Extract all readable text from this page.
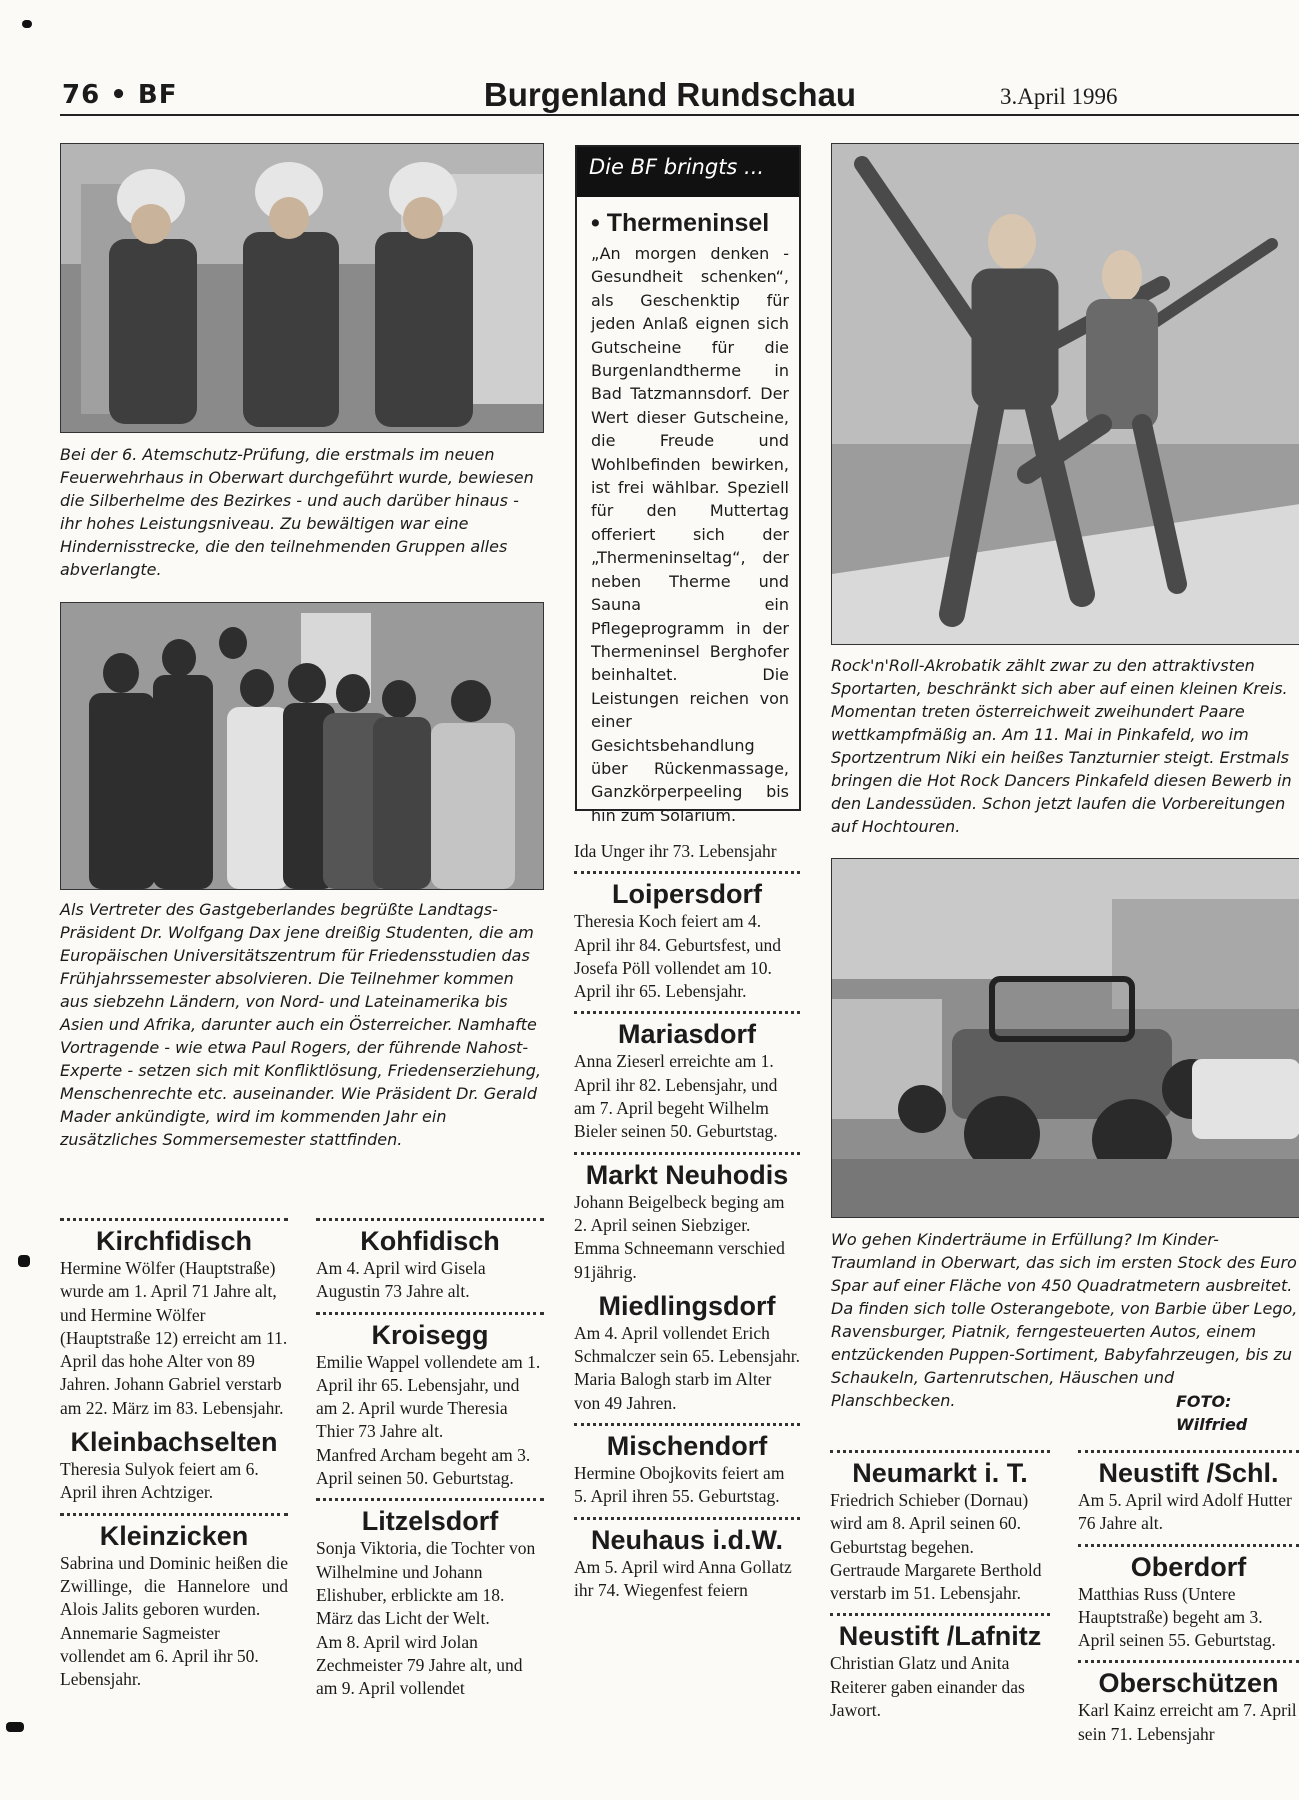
76 • BF	Burgenland Rundschau	3.April 1996
Bei der 6. Atemschutz-Prüfung, die erstmals im neuen Feuerwehrhaus in Oberwart durchgeführt wurde, bewiesen die Silberhelme des Bezirkes - und auch darüber hinaus - ihr hohes Leistungsniveau. Zu bewältigen war eine Hindernisstrecke, die den teilnehmenden Gruppen alles abverlangte.
Als Vertreter des Gastgeberlandes begrüßte Landtags-Präsident Dr. Wolfgang Dax jene dreißig Studenten, die am Europäischen Universitätszentrum für Friedensstudien das Frühjahrssemester absolvieren. Die Teilnehmer kommen aus siebzehn Ländern, von Nord- und Lateinamerika bis Asien und Afrika, darunter auch ein Österreicher. Namhafte Vortragende - wie etwa Paul Rogers, der führende Nahost-Experte - setzen sich mit Konfliktlösung, Friedenserziehung, Menschenrechte etc. auseinander. Wie Präsident Dr. Gerald Mader ankündigte, wird im kommenden Jahr ein zusätzliches Sommersemester stattfinden.
Kirchfidisch
Hermine Wölfer (Hauptstraße) wurde am 1. April 71 Jahre alt, und Hermine Wölfer (Hauptstraße 12) erreicht am 11. April das hohe Alter von 89 Jahren. Johann Gabriel verstarb am 22. März im 83. Lebensjahr.
Kleinbachselten
Theresia Sulyok feiert am 6. April ihren Achtziger.
Kleinzicken
Sabrina und Dominic heißen die Zwillinge, die Hannelore und Alois Jalits geboren wurden.
Annemarie Sagmeister vollendet am 6. April ihr 50. Lebensjahr.
Kohfidisch
Am 4. April wird Gisela Augustin 73 Jahre alt.
Kroisegg
Emilie Wappel vollendete am 1. April ihr 65. Lebensjahr, und am 2. April wurde Theresia Thier 73 Jahre alt.
Manfred Archam begeht am 3. April seinen 50. Geburtstag.
Litzelsdorf
Sonja Viktoria, die Tochter von Wilhelmine und Johann Elishuber, erblickte am 18. März das Licht der Welt.
Am 8. April wird Jolan Zechmeister 79 Jahre alt, und am 9. April vollendet
Die BF bringts ...
• Thermeninsel
„An morgen denken - Gesundheit schenken“, als Geschenktip für jeden Anlaß eignen sich Gutscheine für die Burgenlandtherme in Bad Tatzmannsdorf. Der Wert dieser Gutscheine, die Freude und Wohlbefinden bewirken, ist frei wählbar. Speziell für den Muttertag offeriert sich der „Thermeninseltag“, der neben Therme und Sauna ein Pflegeprogramm in der Thermeninsel Berghofer beinhaltet. Die Leistungen reichen von einer Gesichtsbehandlung über Rückenmassage, Ganzkörperpeeling bis hin zum Solarium.
Ida Unger ihr 73. Lebensjahr
Loipersdorf
Theresia Koch feiert am 4. April ihr 84. Geburtsfest, und Josefa Pöll vollendet am 10. April ihr 65. Lebensjahr.
Mariasdorf
Anna Zieserl erreichte am 1. April ihr 82. Lebensjahr, und am 7. April begeht Wilhelm Bieler seinen 50. Geburtstag.
Markt Neuhodis
Johann Beigelbeck beging am 2. April seinen Siebziger.
Emma Schneemann verschied 91jährig.
Miedlingsdorf
Am 4. April vollendet Erich Schmalczer sein 65. Lebensjahr.
Maria Balogh starb im Alter von 49 Jahren.
Mischendorf
Hermine Obojkovits feiert am 5. April ihren 55. Geburtstag.
Neuhaus i.d.W.
Am 5. April wird Anna Gollatz ihr 74. Wiegenfest feiern
Rock'n'Roll-Akrobatik zählt zwar zu den attraktivsten Sportarten, beschränkt sich aber auf einen kleinen Kreis. Momentan treten österreichweit zweihundert Paare wettkampfmäßig an. Am 11. Mai in Pinkafeld, wo im Sportzentrum Niki ein heißes Tanzturnier steigt. Erstmals bringen die Hot Rock Dancers Pinkafeld diesen Bewerb in den Landessüden. Schon jetzt laufen die Vorbereitungen auf Hochtouren.
Wo gehen Kinderträume in Erfüllung? Im Kinder-Traumland in Oberwart, das sich im ersten Stock des Euro Spar auf einer Fläche von 450 Quadratmetern ausbreitet. Da finden sich tolle Osterangebote, von Barbie über Lego, Ravensburger, Piatnik, ferngesteuerten Autos, einem entzückenden Puppen-Sortiment, Babyfahrzeugen, bis zu Schaukeln, Gartenrutschen, Häuschen und Planschbecken.	FOTO: Wilfried
Neumarkt i. T.
Friedrich Schieber (Dornau) wird am 8. April seinen 60. Geburtstag begehen.
Gertraude Margarete Berthold verstarb im 51. Lebensjahr.
Neustift /Lafnitz
Christian Glatz und Anita Reiterer gaben einander das Jawort.
Neustift /Schl.
Am 5. April wird Adolf Hutter 76 Jahre alt.
Oberdorf
Matthias Russ (Untere Hauptstraße) begeht am 3. April seinen 55. Geburtstag.
Oberschützen
Karl Kainz erreicht am 7. April sein 71. Lebensjahr
